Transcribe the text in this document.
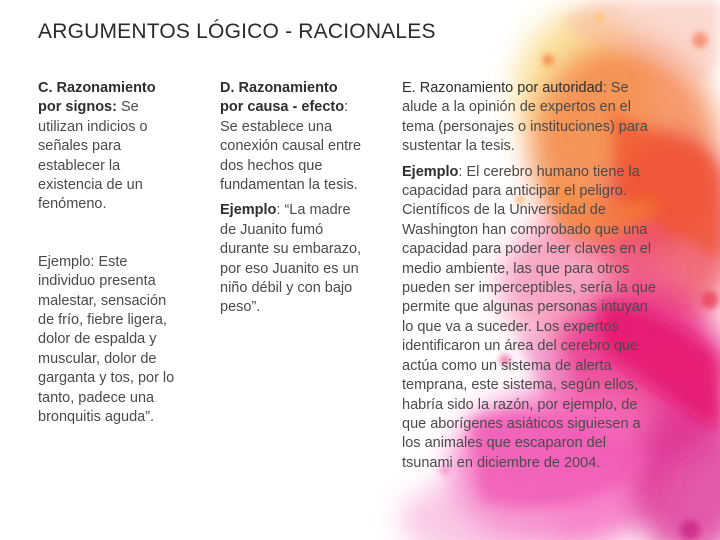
ARGUMENTOS LÓGICO - RACIONALES

C. Razonamiento por signos: Se utilizan indicios o señales para establecer la existencia de un fenómeno.

Ejemplo: Este individuo presenta malestar, sensación de frío, fiebre ligera, dolor de espalda y muscular, dolor de garganta y tos, por lo tanto, padece una bronquitis aguda”.

D. Razonamiento por causa - efecto: Se establece una conexión causal entre dos hechos que fundamentan la tesis.

Ejemplo: “La madre de Juanito fumó durante su embarazo, por eso Juanito es un niño débil y con bajo peso”.

E. Razonamiento por autoridad: Se alude a la opinión de expertos en el tema (personajes o instituciones) para sustentar la tesis.

Ejemplo: El cerebro humano tiene la capacidad para anticipar el peligro. Científicos de la Universidad de Washington han comprobado que una capacidad para poder leer claves en el medio ambiente, las que para otros pueden ser imperceptibles, sería la que permite que algunas personas intuyan lo que va a suceder. Los expertos identificaron un área del cerebro que actúa como un sistema de alerta temprana, este sistema, según ellos, habría sido la razón, por ejemplo, de que aborígenes asiáticos siguiesen a los animales que escaparon del tsunami en diciembre de 2004.
